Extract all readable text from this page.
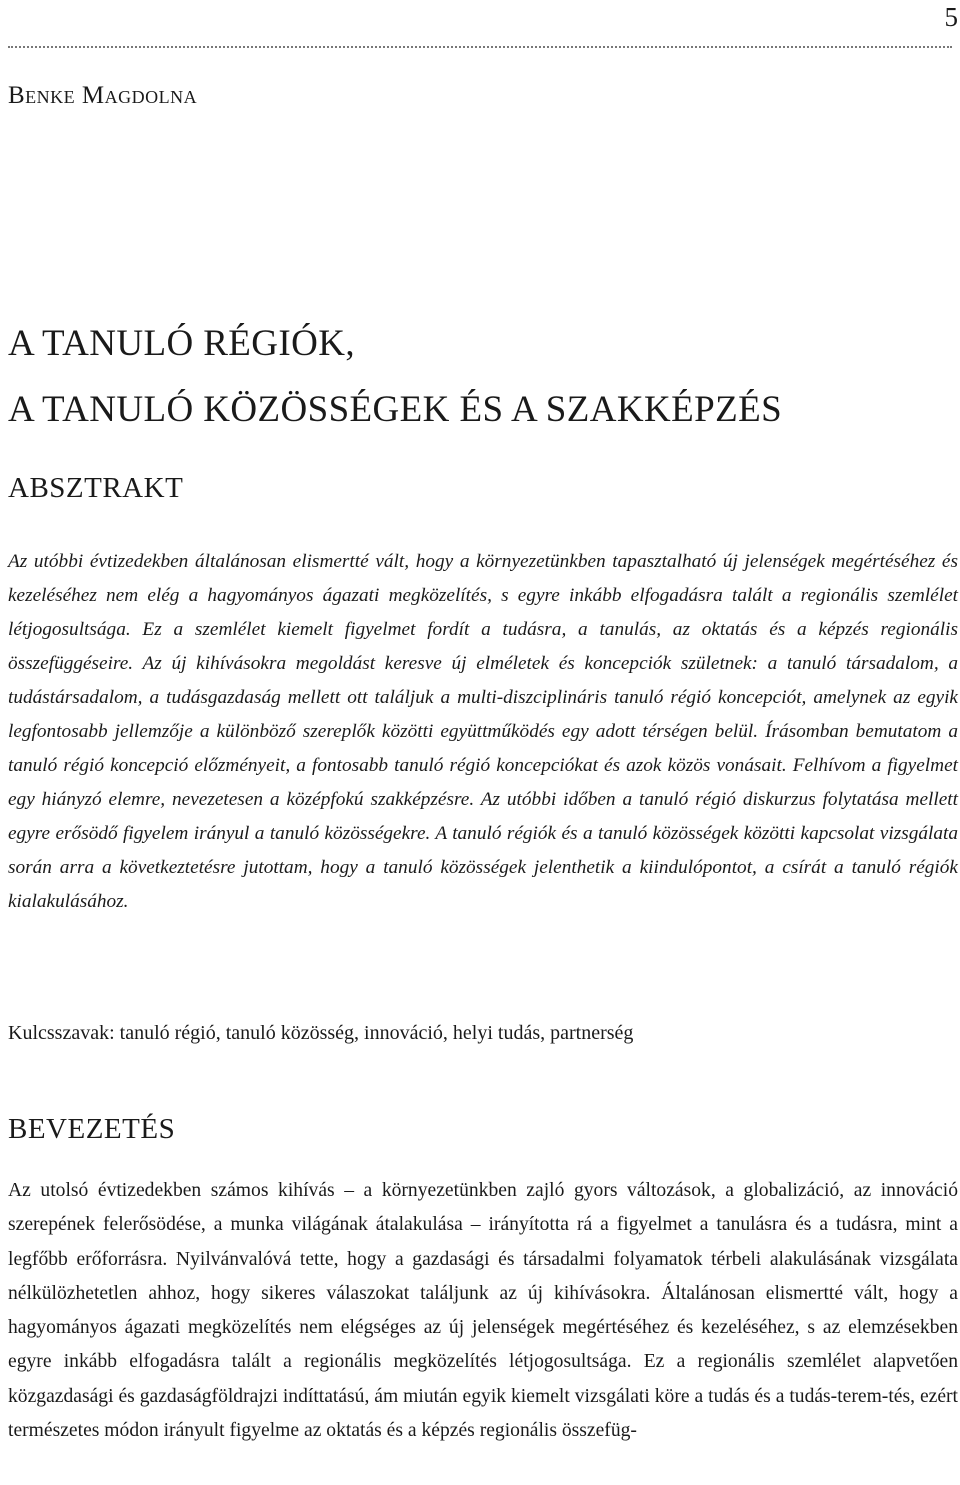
5
Benke Magdolna
A TANULÓ RÉGIÓK,
A TANULÓ KÖZÖSSÉGEK ÉS A SZAKKÉPZÉS
ABSZTRAKT

Az utóbbi évtizedekben általánosan elismertté vált, hogy a környezetünkben tapasztalható új jelenségek megértéséhez és kezeléséhez nem elég a hagyományos ágazati megközelítés, s egyre inkább elfogadásra talált a regionális szemlélet létjogosultsága. Ez a szemlélet kiemelt figyelmet fordít a tudásra, a tanulás, az oktatás és a képzés regionális összefüggéseire. Az új kihívásokra megoldást keresve új elméletek és koncepciók születnek: a tanuló társadalom, a tudástársadalom, a tudásgazdaság mellett ott találjuk a multi-diszciplináris tanuló régió koncepciót, amelynek az egyik legfontosabb jellemzője a különböző szereplők közötti együttműködés egy adott térségen belül. Írásomban bemutatom a tanuló régió koncepció előzményeit, a fontosabb tanuló régió koncepciókat és azok közös vonásait. Felhívom a figyelmet egy hiányzó elemre, nevezetesen a középfokú szakképzésre. Az utóbbi időben a tanuló régió diskurzus folytatása mellett egyre erősödő figyelem irányul a tanuló közösségekre. A tanuló régiók és a tanuló közösségek közötti kapcsolat vizsgálata során arra a következtetésre jutottam, hogy a tanuló közösségek jelenthetik a kiindulópontot, a csírát a tanuló régiók kialakulásához.

Kulcsszavak: tanuló régió, tanuló közösség, innováció, helyi tudás, partnerség

BEVEZETÉS

Az utolsó évtizedekben számos kihívás – a környezetünkben zajló gyors változások, a globalizáció, az innováció szerepének felerősödése, a munka világának átalakulása – irányította rá a figyelmet a tanulásra és a tudásra, mint a legfőbb erőforrásra. Nyilvánvalóvá tette, hogy a gazdasági és társadalmi folyamatok térbeli alakulásának vizsgálata nélkülözhetetlen ahhoz, hogy sikeres válaszokat találjunk az új kihívásokra. Általánosan elismertté vált, hogy a hagyományos ágazati megközelítés nem elégséges az új jelenségek megértéséhez és kezeléséhez, s az elemzésekben egyre inkább elfogadásra talált a regionális megközelítés létjogosultsága. Ez a regionális szemlélet alapvetően közgazdasági és gazdaságföldrajzi indíttatású, ám miután egyik kiemelt vizsgálati köre a tudás és a tudás-terem-tés, ezért természetes módon irányult figyelme az oktatás és a képzés regionális összefüg-
